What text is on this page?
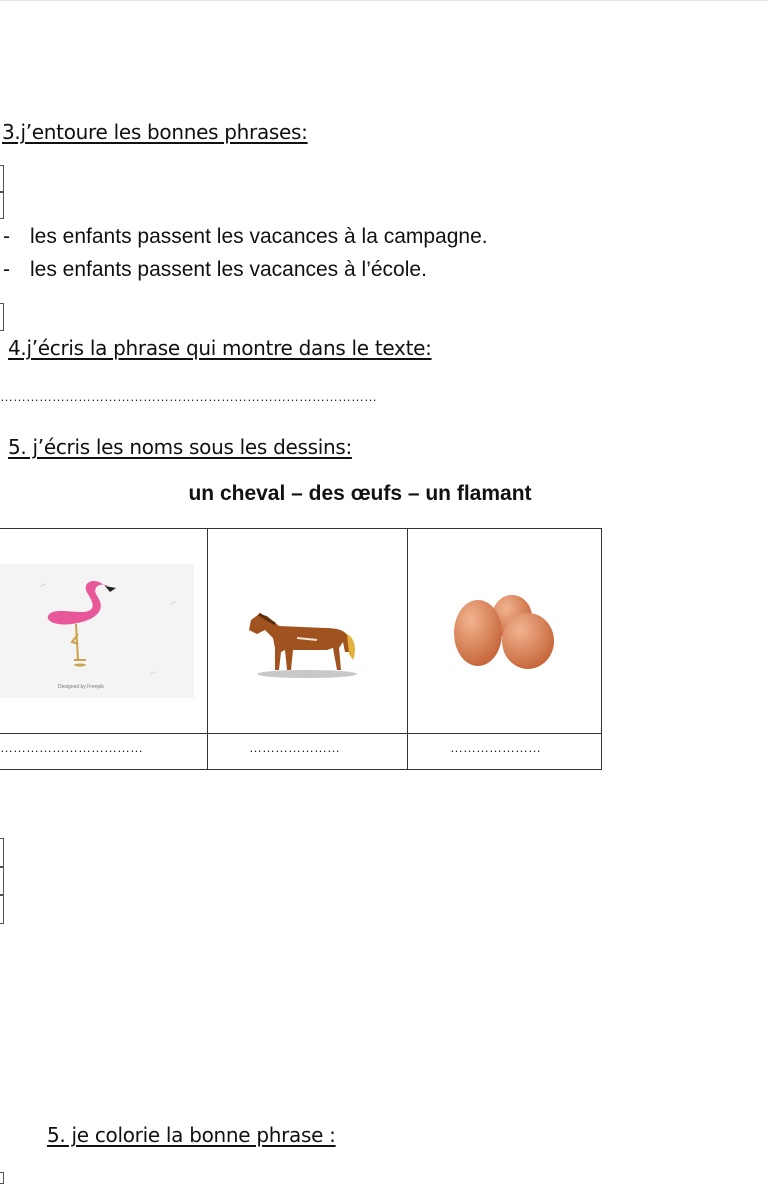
3.j’entoure les bonnes phrases:
- les enfants passent les vacances à la campagne.
- les enfants passent les vacances à l’école.
4.j’écris la phrase qui montre dans le texte:
……………………………………………………………………………
5. j’écris les noms sous les dessins:
un cheval – des œufs – un flamant
Designed by Freepik
……………………………	…………………	…………………
5. je colorie la bonne phrase :
